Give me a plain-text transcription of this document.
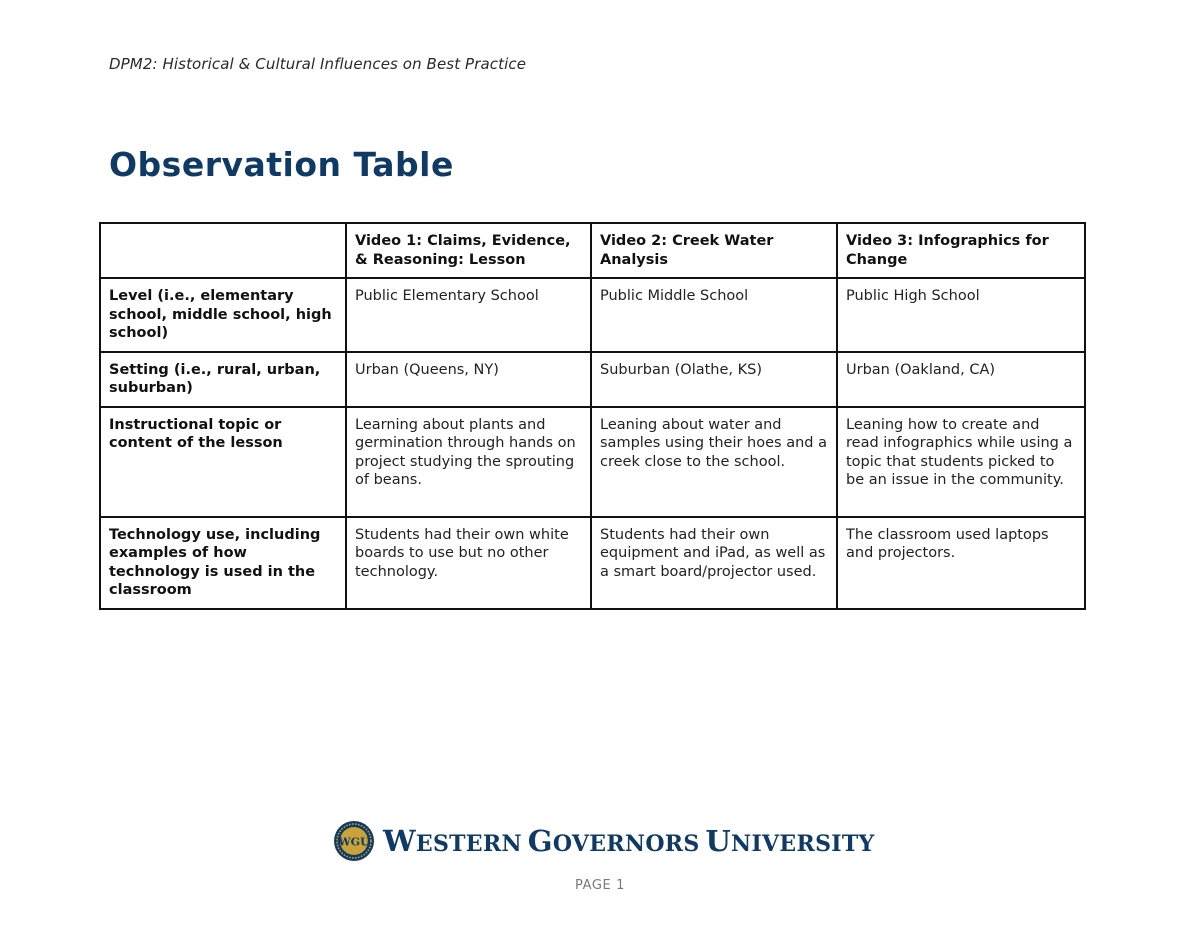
DPM2: Historical & Cultural Influences on Best Practice
Observation Table
	Video 1: Claims, Evidence, & Reasoning: Lesson	Video 2: Creek Water Analysis	Video 3: Infographics for Change
Level (i.e., elementary school, middle school, high school)	Public Elementary School	Public Middle School	Public High School
Setting (i.e., rural, urban, suburban)	Urban (Queens, NY)	Suburban (Olathe, KS)	Urban (Oakland, CA)
Instructional topic or content of the lesson	Learning about plants and germination through hands on project studying the sprouting of beans.	Leaning about water and samples using their hoes and a creek close to the school.	Leaning how to create and read infographics while using a topic that students picked to be an issue in the community.
Technology use, including examples of how technology is used in the classroom	Students had their own white boards to use but no other technology.	Students had their own equipment and iPad, as well as a smart board/projector used.	The classroom used laptops and projectors.
WGU WESTERN GOVERNORS UNIVERSITY
PAGE 1
